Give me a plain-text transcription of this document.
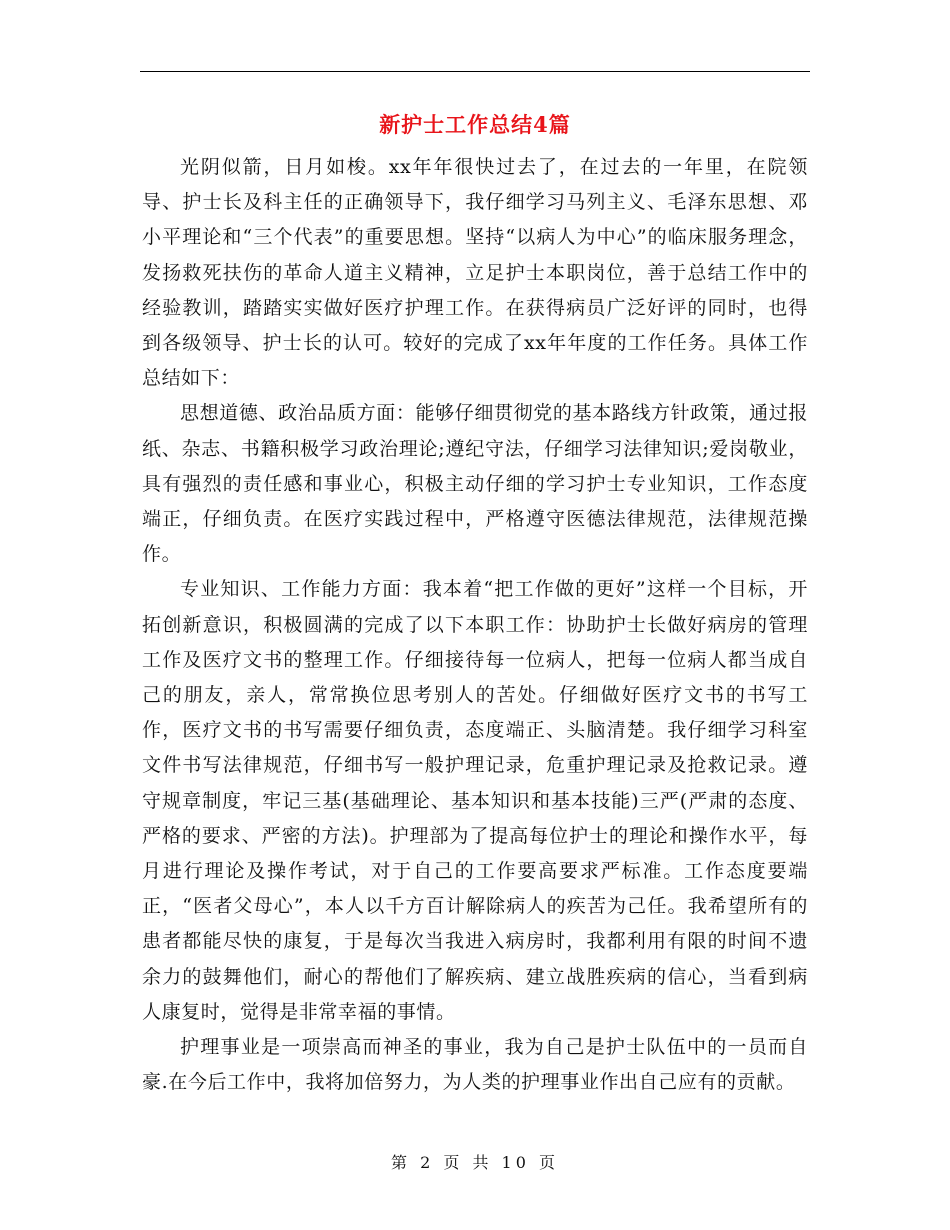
新护士工作总结4篇

光阴似箭，日月如梭。xx年年很快过去了，在过去的一年里，在院领导、护士长及科主任的正确领导下，我仔细学习马列主义、毛泽东思想、邓小平理论和“三个代表”的重要思想。坚持“以病人为中心”的临床服务理念，发扬救死扶伤的革命人道主义精神，立足护士本职岗位，善于总结工作中的经验教训，踏踏实实做好医疗护理工作。在获得病员广泛好评的同时，也得到各级领导、护士长的认可。较好的完成了xx年年度的工作任务。具体工作总结如下：

思想道德、政治品质方面：能够仔细贯彻党的基本路线方针政策，通过报纸、杂志、书籍积极学习政治理论;遵纪守法，仔细学习法律知识;爱岗敬业，具有强烈的责任感和事业心，积极主动仔细的学习护士专业知识，工作态度端正，仔细负责。在医疗实践过程中，严格遵守医德法律规范，法律规范操作。

专业知识、工作能力方面：我本着“把工作做的更好”这样一个目标，开拓创新意识，积极圆满的完成了以下本职工作：协助护士长做好病房的管理工作及医疗文书的整理工作。仔细接待每一位病人，把每一位病人都当成自己的朋友，亲人，常常换位思考别人的苦处。仔细做好医疗文书的书写工作，医疗文书的书写需要仔细负责，态度端正、头脑清楚。我仔细学习科室文件书写法律规范，仔细书写一般护理记录，危重护理记录及抢救记录。遵守规章制度，牢记三基(基础理论、基本知识和基本技能)三严(严肃的态度、严格的要求、严密的方法)。护理部为了提高每位护士的理论和操作水平，每月进行理论及操作考试，对于自己的工作要高要求严标准。工作态度要端正，“医者父母心”，本人以千方百计解除病人的疾苦为己任。我希望所有的患者都能尽快的康复，于是每次当我进入病房时，我都利用有限的时间不遗余力的鼓舞他们，耐心的帮他们了解疾病、建立战胜疾病的信心，当看到病人康复时，觉得是非常幸福的事情。

护理事业是一项崇高而神圣的事业，我为自己是护士队伍中的一员而自豪.在今后工作中，我将加倍努力，为人类的护理事业作出自己应有的贡献。

第 2 页 共 10 页
